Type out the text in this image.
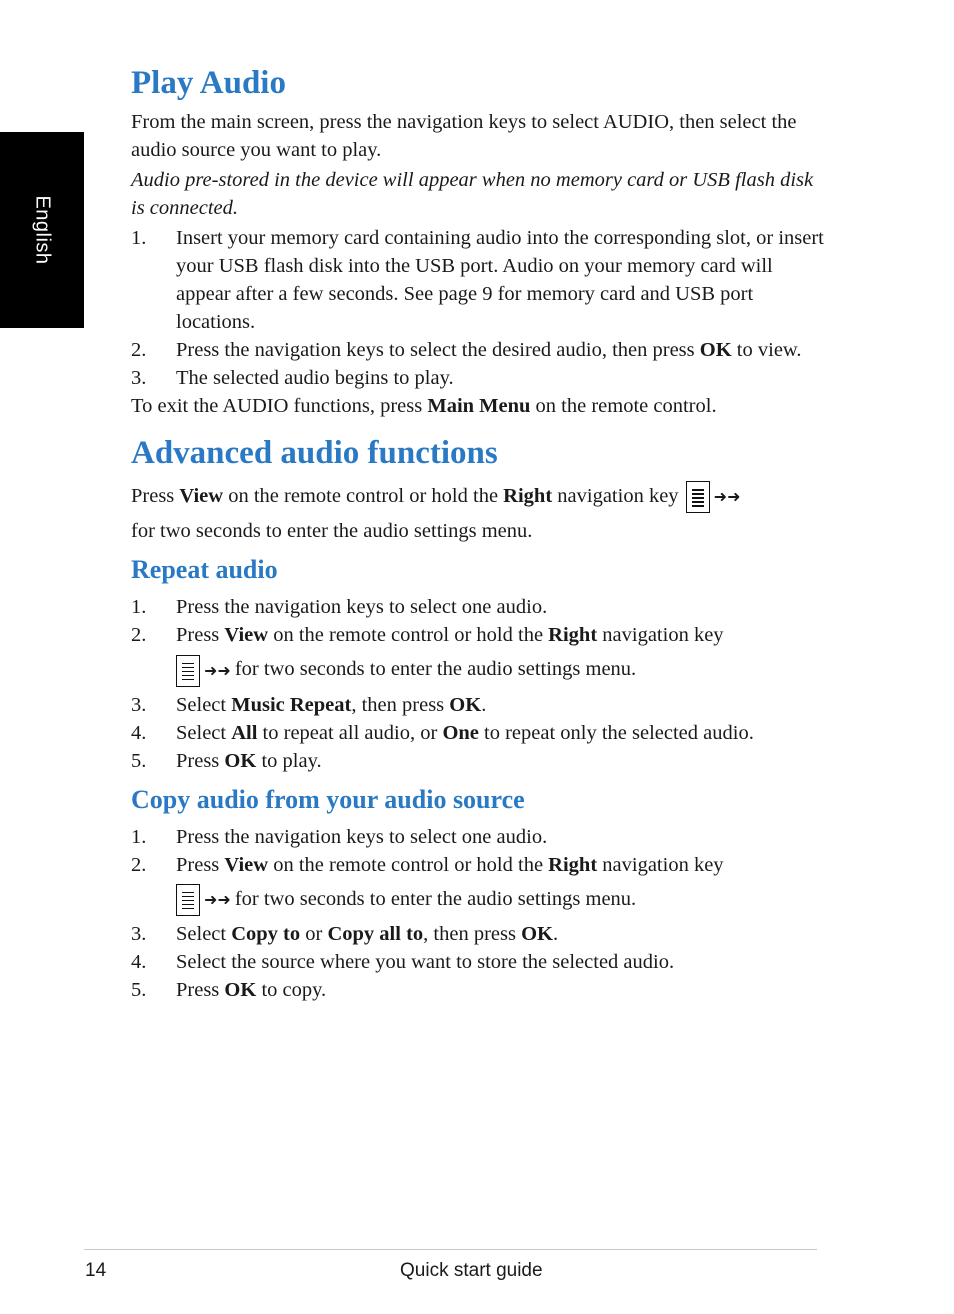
English
Play Audio

From the main screen, press the navigation keys to select AUDIO, then select the audio source you want to play.

Audio pre-stored in the device will appear when no memory card or USB flash disk is connected.

1. Insert your memory card containing audio into the corresponding slot, or insert your USB flash disk into the USB port. Audio on your memory card will appear after a few seconds. See page 9 for memory card and USB port locations.
2. Press the navigation keys to select the desired audio, then press OK to view.
3. The selected audio begins to play.

To exit the AUDIO functions, press Main Menu on the remote control.

Advanced audio functions

Press View on the remote control or hold the Right navigation key ➜➜

for two seconds to enter the audio settings menu.

Repeat audio
1. Press the navigation keys to select one audio.
2. Press View on the remote control or hold the Right navigation key
➜➜ for two seconds to enter the audio settings menu.
3. Select Music Repeat, then press OK.
4. Select All to repeat all audio, or One to repeat only the selected audio.
5. Press OK to play.
Copy audio from your audio source
1. Press the navigation keys to select one audio.
2. Press View on the remote control or hold the Right navigation key
➜➜ for two seconds to enter the audio settings menu.
3. Select Copy to or Copy all to, then press OK.
4. Select the source where you want to store the selected audio.
5. Press OK to copy.
14	Quick start guide
